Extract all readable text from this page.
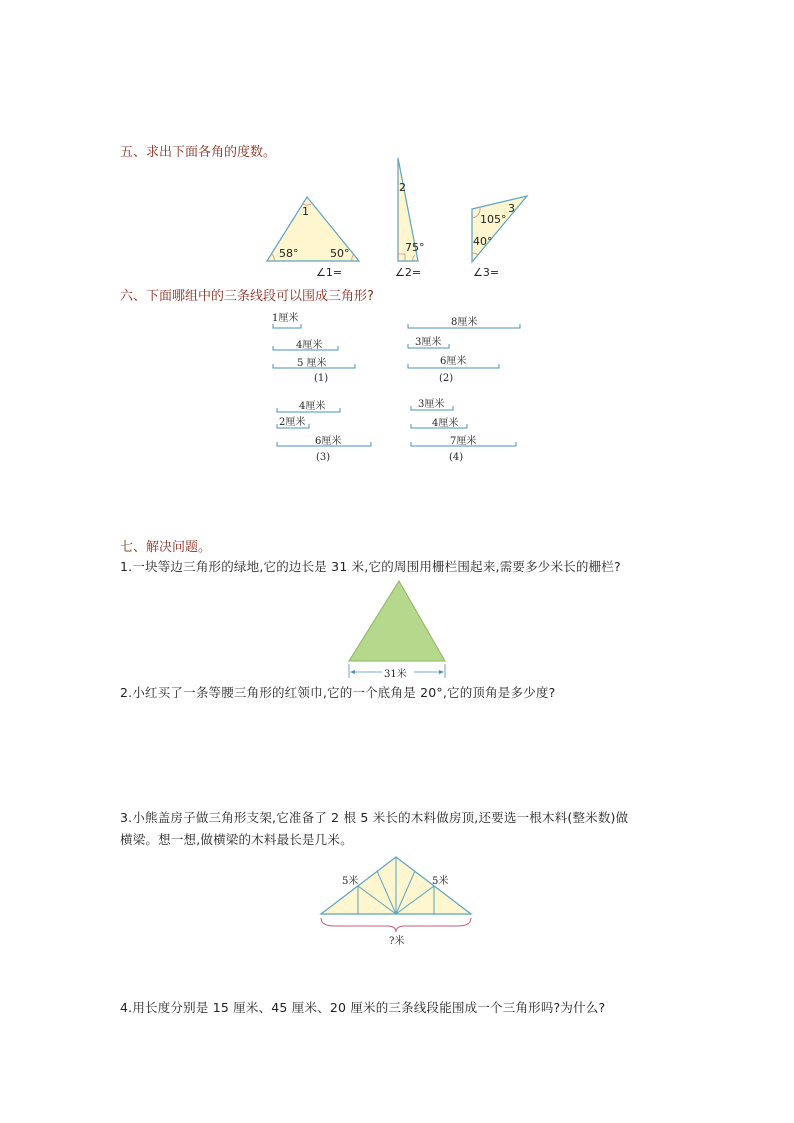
五、求出下面各角的度数。
1
58°	50°
∠1=
2
75°
∠2=
3
105°
40°
∠3=
六、下面哪组中的三条线段可以围成三角形?
1厘米
4厘米
5 厘米
(1)
8厘米
3厘米
6厘米
(2)
4厘米
2厘米
6厘米
(3)
3厘米
4厘米
7厘米
(4)
七、解决问题。
1.一块等边三角形的绿地,它的边长是 31 米,它的周围用栅栏围起来,需要多少米长的栅栏?
31米
2.小红买了一条等腰三角形的红领巾,它的一个底角是 20°,它的顶角是多少度?
3.小熊盖房子做三角形支架,它准备了 2 根 5 米长的木料做房顶,还要选一根木料(整米数)做
横梁。想一想,做横梁的木料最长是几米。
5米	5米
?米
4.用长度分别是 15 厘米、45 厘米、20 厘米的三条线段能围成一个三角形吗?为什么?
